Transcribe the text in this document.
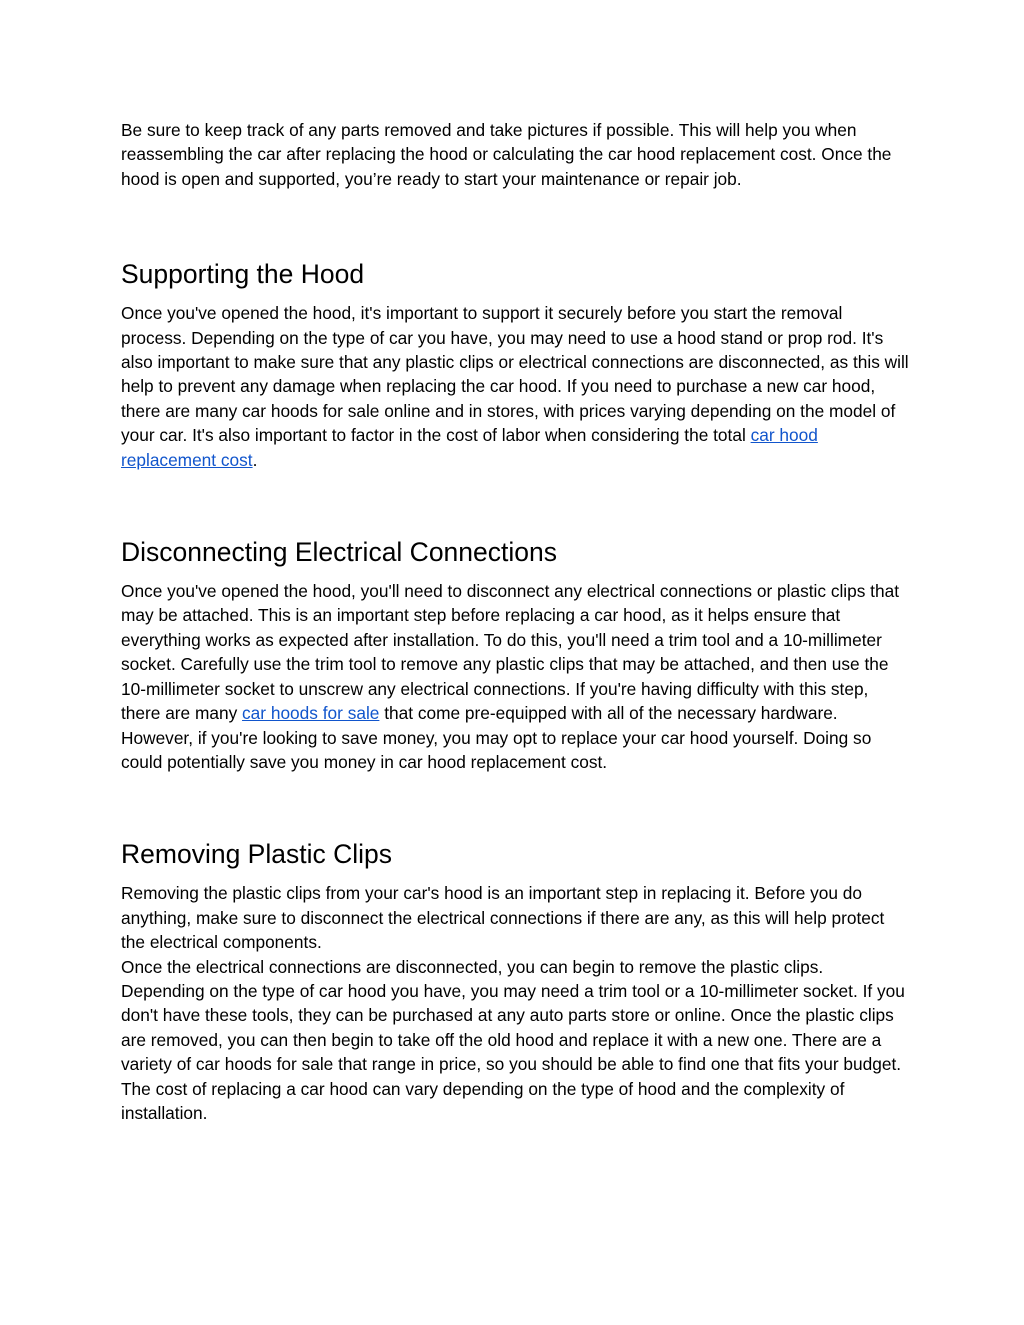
Be sure to keep track of any parts removed and take pictures if possible. This will help you when reassembling the car after replacing the hood or calculating the car hood replacement cost. Once the hood is open and supported, you’re ready to start your maintenance or repair job.

Supporting the Hood

Once you've opened the hood, it's important to support it securely before you start the removal process. Depending on the type of car you have, you may need to use a hood stand or prop rod. It's also important to make sure that any plastic clips or electrical connections are disconnected, as this will help to prevent any damage when replacing the car hood. If you need to purchase a new car hood, there are many car hoods for sale online and in stores, with prices varying depending on the model of your car. It's also important to factor in the cost of labor when considering the total car hood replacement cost.

Disconnecting Electrical Connections

Once you've opened the hood, you'll need to disconnect any electrical connections or plastic clips that may be attached. This is an important step before replacing a car hood, as it helps ensure that everything works as expected after installation. To do this, you'll need a trim tool and a 10-millimeter socket. Carefully use the trim tool to remove any plastic clips that may be attached, and then use the 10-millimeter socket to unscrew any electrical connections. If you're having difficulty with this step, there are many car hoods for sale that come pre-equipped with all of the necessary hardware. However, if you're looking to save money, you may opt to replace your car hood yourself. Doing so could potentially save you money in car hood replacement cost.

Removing Plastic Clips

Removing the plastic clips from your car's hood is an important step in replacing it. Before you do anything, make sure to disconnect the electrical connections if there are any, as this will help protect the electrical components.

Once the electrical connections are disconnected, you can begin to remove the plastic clips. Depending on the type of car hood you have, you may need a trim tool or a 10-millimeter socket. If you don't have these tools, they can be purchased at any auto parts store or online. Once the plastic clips are removed, you can then begin to take off the old hood and replace it with a new one. There are a variety of car hoods for sale that range in price, so you should be able to find one that fits your budget. The cost of replacing a car hood can vary depending on the type of hood and the complexity of installation.
